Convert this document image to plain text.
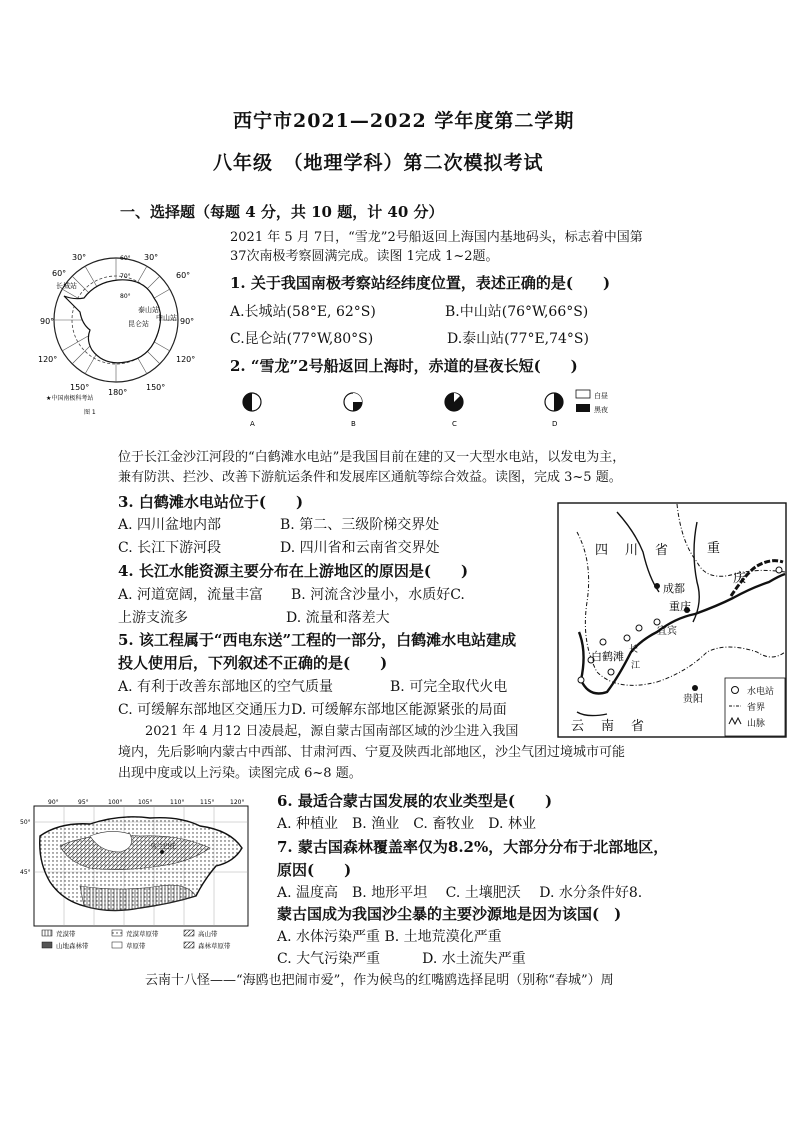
西宁市2021—2022 学年度第二学期
八年级　（地理学科）第二次模拟考试
一、选择题（每题 4 分，共 10 题，计 40 分）
30°
60°
90°
120°
150°
180°
30°
60°
90°
120°
150°
60°
70°
80°
长城站
泰山站
昆仑站
中山站
★中国南极科考站
图 1
2021 年 5 月 7日，“雪龙”2号船返回上海国内基地码头，标志着中国第
37次南极考察圆满完成。读图 1完成 1~2题。
1. 关于我国南极考察站经纬度位置，表述正确的是(　　)
A.长城站(58°E, 62°S)	B.中山站(76°W,66°S)
C.昆仑站(77°W,80°S)	D.泰山站(77°E,74°S)
2. “雪龙”2号船返回上海时，赤道的昼夜长短(　　)
A	B	C	D
白昼
黑夜
位于长江金沙江河段的“白鹤滩水电站”是我国目前在建的又一大型水电站，以发电为主，
兼有防洪、拦沙、改善下游航运条件和发展库区通航等综合效益。读图，完成 3~5 题。
3. 白鹤滩水电站位于(　　)
A. 四川盆地内部	B. 第二、三级阶梯交界处
C. 长江下游河段	D. 四川省和云南省交界处
4. 长江水能资源主要分布在上游地区的原因是(　　)
A. 河道宽阔，流量丰富　　B. 河流含沙量小，水质好C.
上游支流多　　　　　　　D. 流量和落差大
5. 该工程属于“西电东送”工程的一部分，白鹤滩水电站建成
投人使用后，下列叙述不正确的是(　　)
A. 有利于改善东部地区的空气质量	B. 可完全取代火电
C. 可缓解东部地区交通压力D. 可缓解东部地区能源紧张的局面
四 川 省
成都
重
庆
重庆
宜宾
白鹤滩 长
江
贵阳
云 南 省
水电站
省界
山脉
2021 年 4 月12 日凌晨起，源自蒙古国南部区域的沙尘进入我国
境内，先后影响内蒙古中西部、甘肃河西、宁夏及陕西北部地区，沙尘气团过境城市可能
出现中度或以上污染。读图完成 6~8 题。
乌兰巴托
90°	95°	100°	105°	110°	115°	120°
50°
45°
荒漠带	荒漠草原带	高山带
山地森林带	草原带	森林草原带
6. 最适合蒙古国发展的农业类型是(　　)
A. 种植业　B. 渔业　C. 畜牧业　D. 林业
7. 蒙古国森林覆盖率仅为8.2%，大部分分布于北部地区，
原因(　　)
A. 温度高　B. 地形平坦　 C. 土壤肥沃　 D. 水分条件好8.
蒙古国成为我国沙尘暴的主要沙源地是因为该国(　)
A. 水体污染严重 B. 土地荒漠化严重
C. 大气污染严重　　　D. 水土流失严重
云南十八怪——“海鸥也把闹市爱”，作为候鸟的红嘴鸥选择昆明（别称“春城”）周
